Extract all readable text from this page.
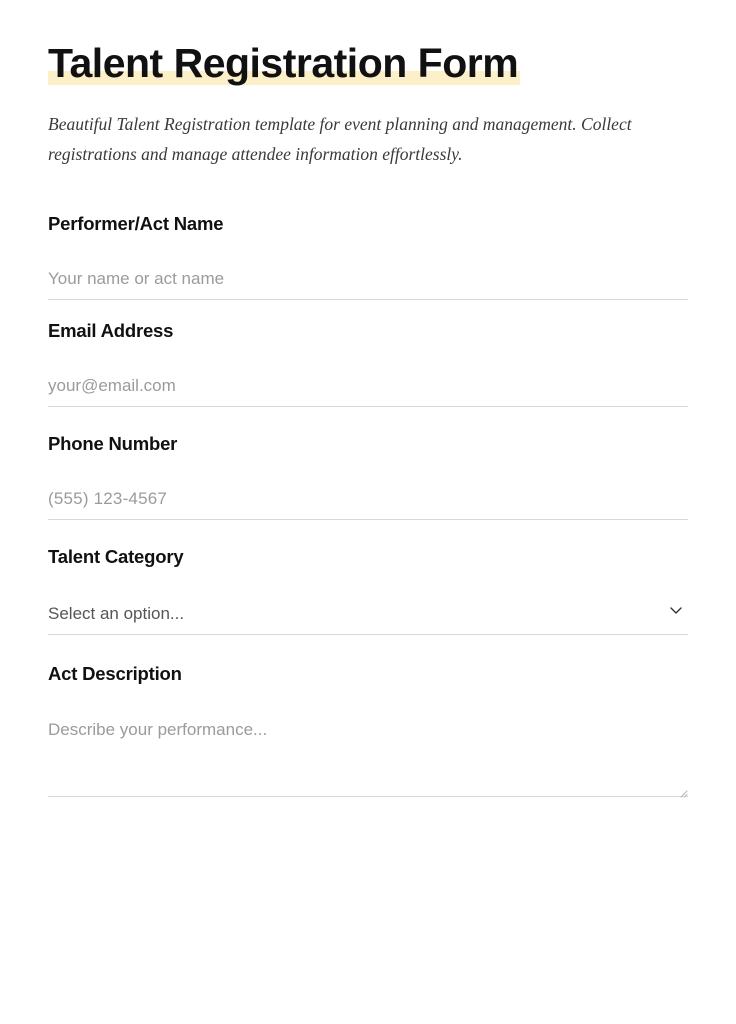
Talent Registration Form

Beautiful Talent Registration template for event planning and management. Collect registrations and manage attendee information effortlessly.

Performer/Act Name
Your name or act name
Email Address
your@email.com
Phone Number
(555) 123-4567
Talent Category
Select an option...
Act Description
Describe your performance...
